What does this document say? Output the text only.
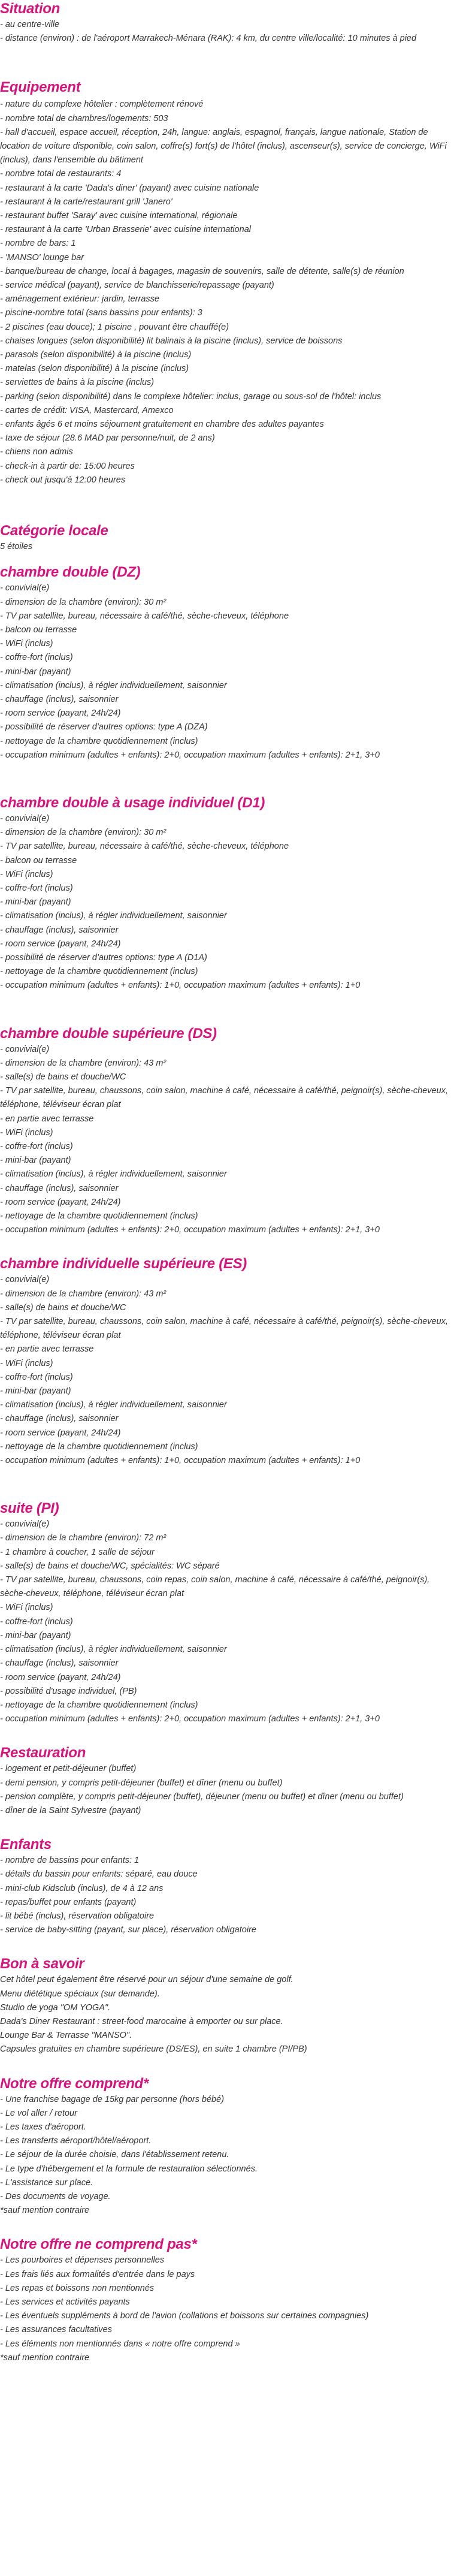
Situation
- au centre-ville
- distance (environ) : de l'aéroport Marrakech-Ménara (RAK): 4 km, du centre ville/localité: 10 minutes à pied
Equipement
- nature du complexe hôtelier : complètement rénové
- nombre total de chambres/logements: 503
- hall d'accueil, espace accueil, réception, 24h, langue: anglais, espagnol, français, langue nationale, Station de location de voiture disponible, coin salon, coffre(s) fort(s) de l'hôtel (inclus), ascenseur(s), service de concierge, WiFi (inclus), dans l'ensemble du bâtiment
- nombre total de restaurants: 4
- restaurant à la carte 'Dada's diner' (payant) avec cuisine nationale
- restaurant à la carte/restaurant grill 'Janero'
- restaurant buffet 'Saray' avec cuisine international, régionale
- restaurant à la carte 'Urban Brasserie' avec cuisine international
- nombre de bars: 1
- 'MANSO' lounge bar
- banque/bureau de change, local à bagages, magasin de souvenirs, salle de détente, salle(s) de réunion
- service médical (payant), service de blanchisserie/repassage (payant)
- aménagement extérieur: jardin, terrasse
- piscine-nombre total (sans bassins pour enfants): 3
- 2 piscines (eau douce); 1 piscine , pouvant être chauffé(e)
- chaises longues (selon disponibilité) lit balinais à la piscine (inclus), service de boissons
- parasols (selon disponibilité) à la piscine (inclus)
- matelas (selon disponibilité) à la piscine (inclus)
- serviettes de bains à la piscine (inclus)
- parking (selon disponibilité) dans le complexe hôtelier: inclus, garage ou sous-sol de l'hôtel: inclus
- cartes de crédit: VISA, Mastercard, Amexco
- enfants âgés 6 et moins séjournent gratuitement en chambre des adultes payantes
- taxe de séjour (28.6 MAD par personne/nuit, de 2 ans)
- chiens non admis
- check-in à partir de: 15:00 heures
- check out jusqu'à 12:00 heures
Catégorie locale
5 étoiles
chambre double (DZ)
- convivial(e)
- dimension de la chambre (environ): 30 m²
- TV par satellite, bureau, nécessaire à café/thé, sèche-cheveux, téléphone
- balcon ou terrasse
- WiFi (inclus)
- coffre-fort (inclus)
- mini-bar (payant)
- climatisation (inclus), à régler individuellement, saisonnier
- chauffage (inclus), saisonnier
- room service (payant, 24h/24)
- possibilité de réserver d'autres options: type A (DZA)
- nettoyage de la chambre quotidiennement (inclus)
- occupation minimum (adultes + enfants): 2+0, occupation maximum (adultes + enfants): 2+1, 3+0
chambre double à usage individuel (D1)
- convivial(e)
- dimension de la chambre (environ): 30 m²
- TV par satellite, bureau, nécessaire à café/thé, sèche-cheveux, téléphone
- balcon ou terrasse
- WiFi (inclus)
- coffre-fort (inclus)
- mini-bar (payant)
- climatisation (inclus), à régler individuellement, saisonnier
- chauffage (inclus), saisonnier
- room service (payant, 24h/24)
- possibilité de réserver d'autres options: type A (D1A)
- nettoyage de la chambre quotidiennement (inclus)
- occupation minimum (adultes + enfants): 1+0, occupation maximum (adultes + enfants): 1+0
chambre double supérieure (DS)
- convivial(e)
- dimension de la chambre (environ): 43 m²
- salle(s) de bains et douche/WC
- TV par satellite, bureau, chaussons, coin salon, machine à café, nécessaire à café/thé, peignoir(s), sèche-cheveux, téléphone, téléviseur écran plat
- en partie avec terrasse
- WiFi (inclus)
- coffre-fort (inclus)
- mini-bar (payant)
- climatisation (inclus), à régler individuellement, saisonnier
- chauffage (inclus), saisonnier
- room service (payant, 24h/24)
- nettoyage de la chambre quotidiennement (inclus)
- occupation minimum (adultes + enfants): 2+0, occupation maximum (adultes + enfants): 2+1, 3+0
chambre individuelle supérieure (ES)
- convivial(e)
- dimension de la chambre (environ): 43 m²
- salle(s) de bains et douche/WC
- TV par satellite, bureau, chaussons, coin salon, machine à café, nécessaire à café/thé, peignoir(s), sèche-cheveux, téléphone, téléviseur écran plat
- en partie avec terrasse
- WiFi (inclus)
- coffre-fort (inclus)
- mini-bar (payant)
- climatisation (inclus), à régler individuellement, saisonnier
- chauffage (inclus), saisonnier
- room service (payant, 24h/24)
- nettoyage de la chambre quotidiennement (inclus)
- occupation minimum (adultes + enfants): 1+0, occupation maximum (adultes + enfants): 1+0
suite (PI)
- convivial(e)
- dimension de la chambre (environ): 72 m²
- 1 chambre à coucher, 1 salle de séjour
- salle(s) de bains et douche/WC, spécialités: WC séparé
- TV par satellite, bureau, chaussons, coin repas, coin salon, machine à café, nécessaire à café/thé, peignoir(s), sèche-cheveux, téléphone, téléviseur écran plat
- WiFi (inclus)
- coffre-fort (inclus)
- mini-bar (payant)
- climatisation (inclus), à régler individuellement, saisonnier
- chauffage (inclus), saisonnier
- room service (payant, 24h/24)
- possibilité d'usage individuel, (PB)
- nettoyage de la chambre quotidiennement (inclus)
- occupation minimum (adultes + enfants): 2+0, occupation maximum (adultes + enfants): 2+1, 3+0
Restauration
- logement et petit-déjeuner (buffet)
- demi pension, y compris petit-déjeuner (buffet) et dîner (menu ou buffet)
- pension complète, y compris petit-déjeuner (buffet), déjeuner (menu ou buffet) et dîner (menu ou buffet)
- dîner de la Saint Sylvestre (payant)
Enfants
- nombre de bassins pour enfants: 1
- détails du bassin pour enfants: séparé, eau douce
- mini-club Kidsclub (inclus), de 4 à 12 ans
- repas/buffet pour enfants (payant)
- lit bébé (inclus), réservation obligatoire
- service de baby-sitting (payant, sur place), réservation obligatoire
Bon à savoir
Cet hôtel peut également être réservé pour un séjour d'une semaine de golf.
Menu diététique spéciaux (sur demande).
Studio de yoga "OM YOGA".
Dada's Diner Restaurant : street-food marocaine à emporter ou sur place.
Lounge Bar & Terrasse "MANSO".
Capsules gratuites en chambre supérieure (DS/ES), en suite 1 chambre (PI/PB)
Notre offre comprend*
- Une franchise bagage de 15kg par personne (hors bébé)
- Le vol aller / retour
- Les taxes d'aéroport.
- Les transferts aéroport/hôtel/aéroport.
- Le séjour de la durée choisie, dans l'établissement retenu.
- Le type d'hébergement et la formule de restauration sélectionnés.
- L'assistance sur place.
- Des documents de voyage.
*sauf mention contraire
Notre offre ne comprend pas*
- Les pourboires et dépenses personnelles
- Les frais liés aux formalités d'entrée dans le pays
- Les repas et boissons non mentionnés
- Les services et activités payants
- Les éventuels suppléments à bord de l'avion (collations et boissons sur certaines compagnies)
- Les assurances facultatives
- Les éléments non mentionnés dans « notre offre comprend »
*sauf mention contraire
